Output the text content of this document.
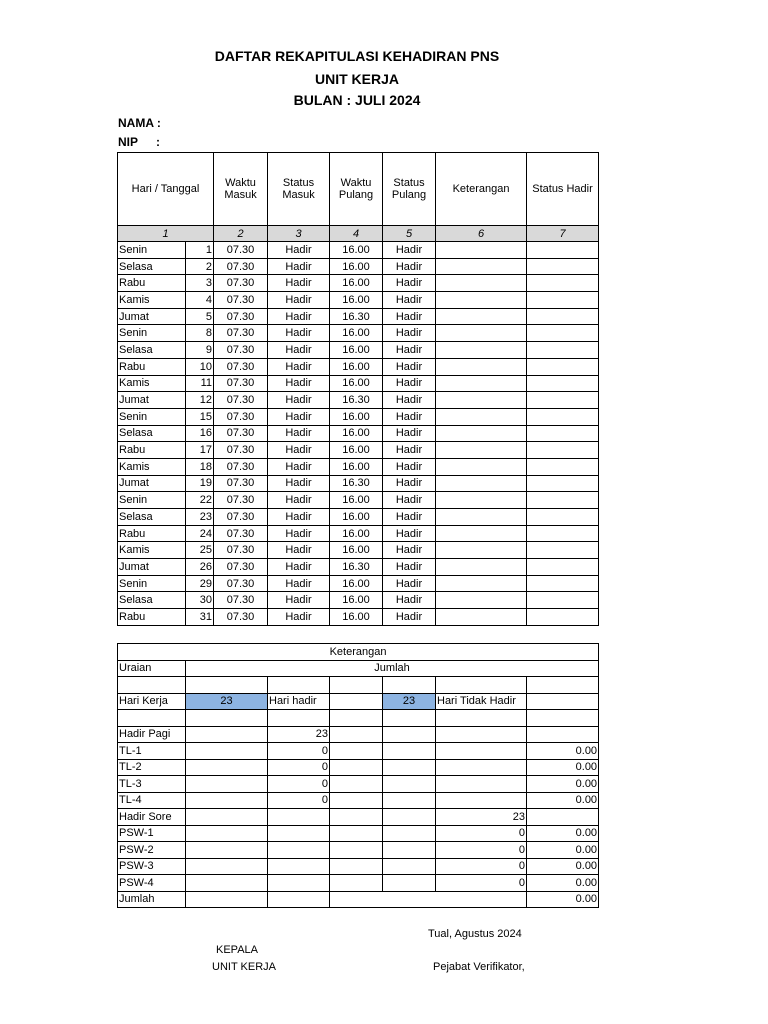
DAFTAR REKAPITULASI KEHADIRAN PNS
UNIT KERJA
BULAN : JULI 2024
NAMA :
NIP :
Hari / Tanggal		Waktu Masuk	Status Masuk	Waktu Pulang	Status Pulang	Keterangan	Status Hadir
1		2	3	4	5	6	7
Senin	1	07.30	Hadir	16.00	Hadir		
Selasa	2	07.30	Hadir	16.00	Hadir		
Rabu	3	07.30	Hadir	16.00	Hadir		
Kamis	4	07.30	Hadir	16.00	Hadir		
Jumat	5	07.30	Hadir	16.30	Hadir		
Senin	8	07.30	Hadir	16.00	Hadir		
Selasa	9	07.30	Hadir	16.00	Hadir		
Rabu	10	07.30	Hadir	16.00	Hadir		
Kamis	11	07.30	Hadir	16.00	Hadir		
Jumat	12	07.30	Hadir	16.30	Hadir		
Senin	15	07.30	Hadir	16.00	Hadir		
Selasa	16	07.30	Hadir	16.00	Hadir		
Rabu	17	07.30	Hadir	16.00	Hadir		
Kamis	18	07.30	Hadir	16.00	Hadir		
Jumat	19	07.30	Hadir	16.30	Hadir		
Senin	22	07.30	Hadir	16.00	Hadir		
Selasa	23	07.30	Hadir	16.00	Hadir		
Rabu	24	07.30	Hadir	16.00	Hadir		
Kamis	25	07.30	Hadir	16.00	Hadir		
Jumat	26	07.30	Hadir	16.30	Hadir		
Senin	29	07.30	Hadir	16.00	Hadir		
Selasa	30	07.30	Hadir	16.00	Hadir		
Rabu	31	07.30	Hadir	16.00	Hadir		
Keterangan						
Uraian	Jumlah					

Hari Kerja	23	Hari hadir		23	Hari Tidak Hadir	

Hadir Pagi		23				
TL-1		0				0.00
TL-2		0				0.00
TL-3		0				0.00
TL-4		0				0.00
Hadir Sore					23	
PSW-1					0	0.00
PSW-2					0	0.00
PSW-3					0	0.00
PSW-4					0	0.00
Jumlah						0.00
Tual, Agustus 2024
KEPALA
UNIT KERJA	Pejabat Verifikator,
